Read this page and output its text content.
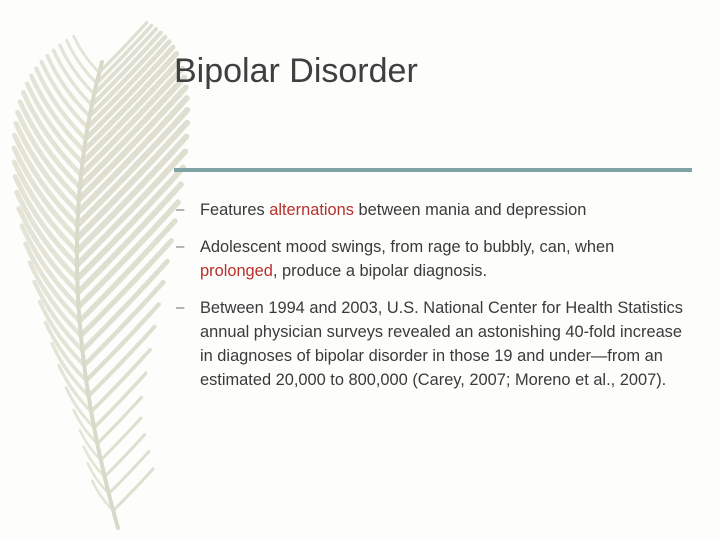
Bipolar Disorder
– Features alternations between mania and depression
– Adolescent mood swings, from rage to bubbly, can, when prolonged, produce a bipolar diagnosis.
– Between 1994 and 2003, U.S. National Center for Health Statistics annual physician surveys revealed an astonishing 40-fold increase in diagnoses of bipolar disorder in those 19 and under—from an estimated 20,000 to 800,000 (Carey, 2007; Moreno et al., 2007).
